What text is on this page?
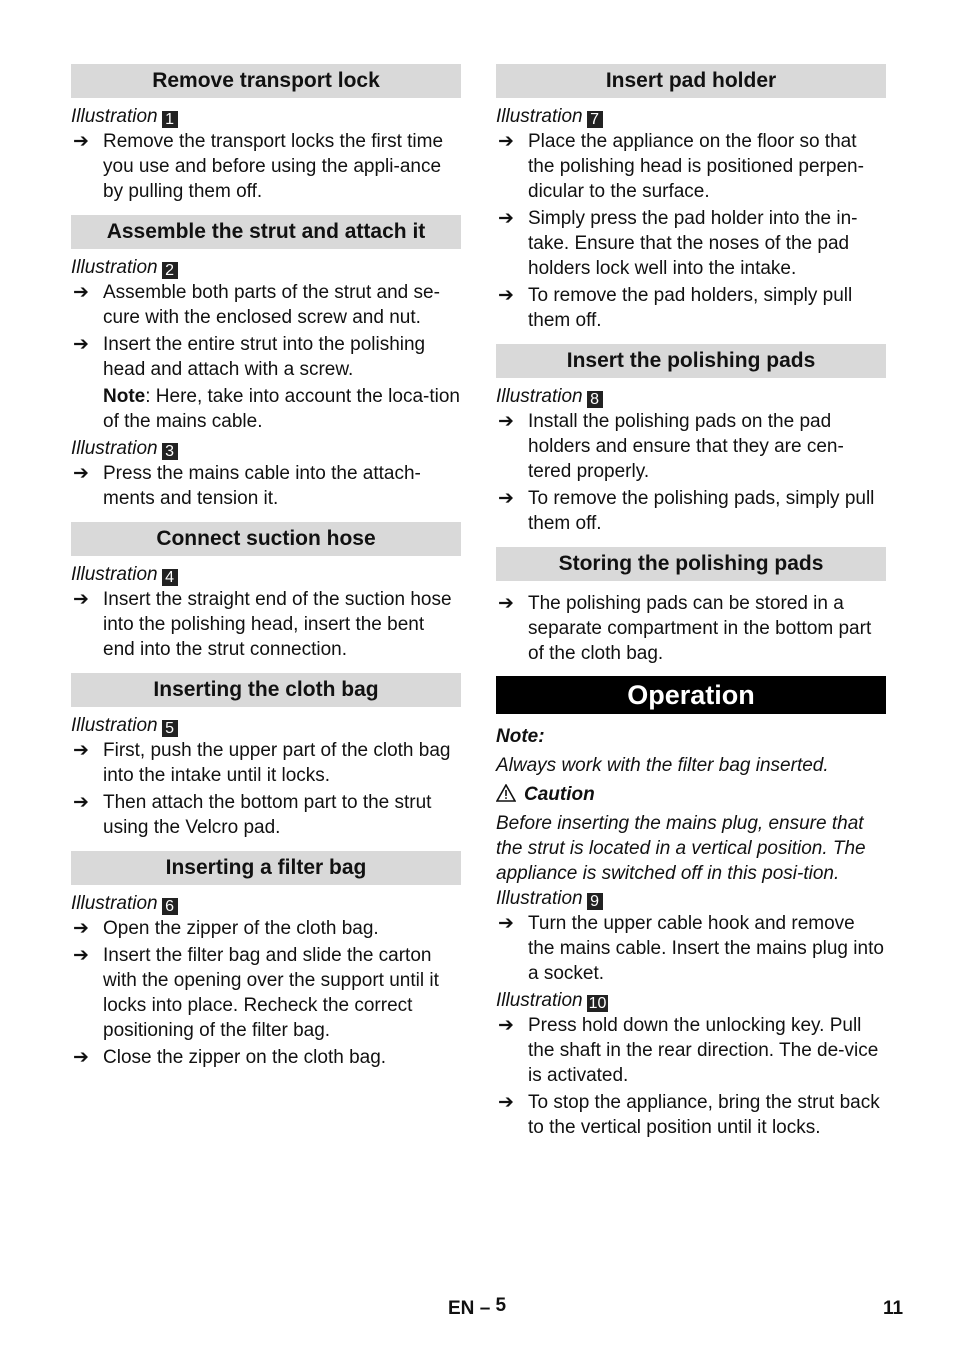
Remove transport lock
Illustration 1
➔ Remove the transport locks the first time you use and before using the appli-ance by pulling them off.
Assemble the strut and attach it
Illustration 2
➔ Assemble both parts of the strut and se-cure with the enclosed screw and nut.
➔ Insert the entire strut into the polishing head and attach with a screw.
Note: Here, take into account the loca-tion of the mains cable.
Illustration 3
➔ Press the mains cable into the attach-ments and tension it.
Connect suction hose
Illustration 4
➔ Insert the straight end of the suction hose into the polishing head, insert the bent end into the strut connection.
Inserting the cloth bag
Illustration 5
➔ First, push the upper part of the cloth bag into the intake until it locks.
➔ Then attach the bottom part to the strut using the Velcro pad.
Inserting a filter bag
Illustration 6
➔ Open the zipper of the cloth bag.
➔ Insert the filter bag and slide the carton with the opening over the support until it locks into place. Recheck the correct positioning of the filter bag.
➔ Close the zipper on the cloth bag.
Insert pad holder
Illustration 7
➔ Place the appliance on the floor so that the polishing head is positioned perpen-dicular to the surface.
➔ Simply press the pad holder into the in-take. Ensure that the noses of the pad holders lock well into the intake.
➔ To remove the pad holders, simply pull them off.
Insert the polishing pads
Illustration 8
➔ Install the polishing pads on the pad holders and ensure that they are cen-tered properly.
➔ To remove the polishing pads, simply pull them off.
Storing the polishing pads
➔ The polishing pads can be stored in a separate compartment in the bottom part of the cloth bag.
Operation
Note:
Always work with the filter bag inserted.
Caution
Before inserting the mains plug, ensure that the strut is located in a vertical position. The appliance is switched off in this posi-tion.
Illustration 9
➔ Turn the upper cable hook and remove the mains cable. Insert the mains plug into a socket.
Illustration 10
➔ Press hold down the unlocking key. Pull the shaft in the rear direction. The de-vice is activated.
➔ To stop the appliance, bring the strut back to the vertical position until it locks.
EN – 5	11
